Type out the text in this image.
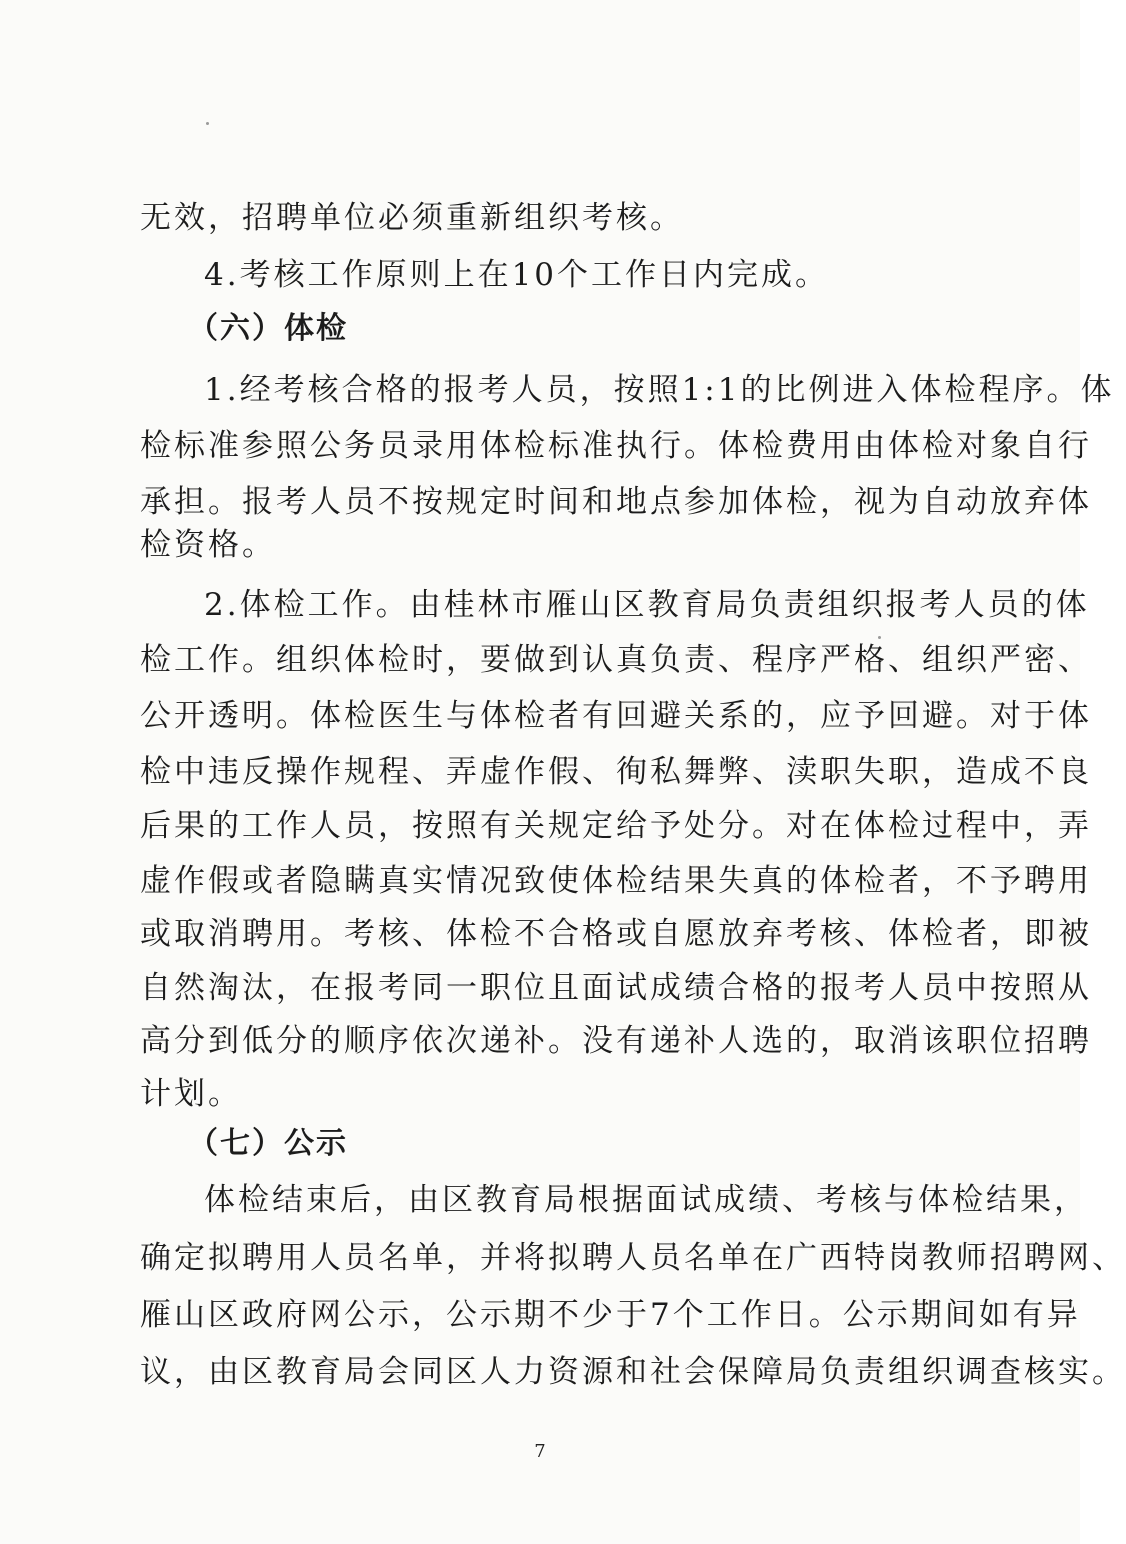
无效，招聘单位必须重新组织考核。
4.考核工作原则上在10个工作日内完成。
（六）体检
1.经考核合格的报考人员，按照1:1的比例进入体检程序。体
检标准参照公务员录用体检标准执行。体检费用由体检对象自行
承担。报考人员不按规定时间和地点参加体检，视为自动放弃体
检资格。
2.体检工作。由桂林市雁山区教育局负责组织报考人员的体
检工作。组织体检时，要做到认真负责、程序严格、组织严密、
公开透明。体检医生与体检者有回避关系的，应予回避。对于体
检中违反操作规程、弄虚作假、徇私舞弊、渎职失职，造成不良
后果的工作人员，按照有关规定给予处分。对在体检过程中，弄
虚作假或者隐瞒真实情况致使体检结果失真的体检者，不予聘用
或取消聘用。考核、体检不合格或自愿放弃考核、体检者，即被
自然淘汰，在报考同一职位且面试成绩合格的报考人员中按照从
高分到低分的顺序依次递补。没有递补人选的，取消该职位招聘
计划。
（七）公示
体检结束后，由区教育局根据面试成绩、考核与体检结果，
确定拟聘用人员名单，并将拟聘人员名单在广西特岗教师招聘网、
雁山区政府网公示，公示期不少于7个工作日。公示期间如有异
议，由区教育局会同区人力资源和社会保障局负责组织调查核实。
7
